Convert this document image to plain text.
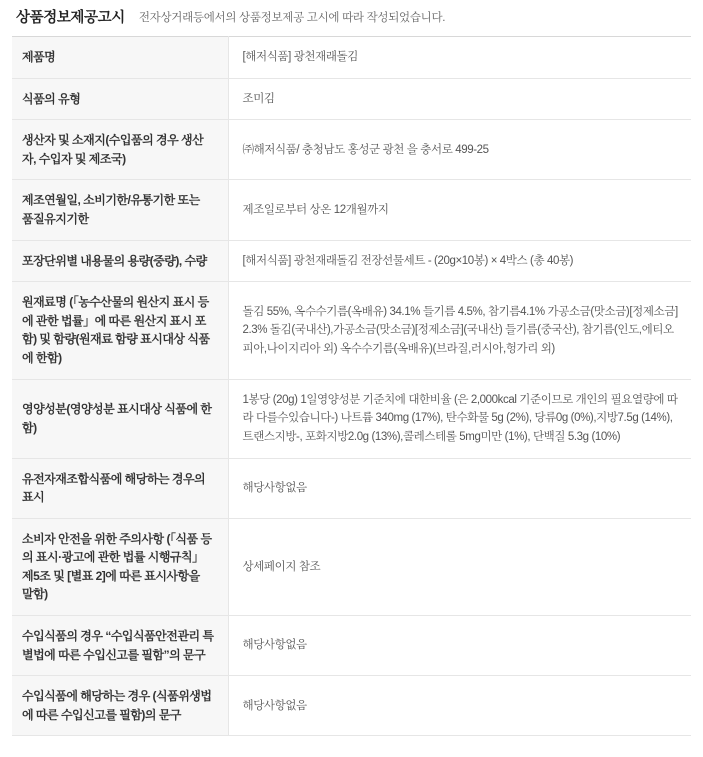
상품정보제공고시 전자상거래등에서의 상품정보제공 고시에 따라 작성되었습니다.
제품명	[해저식품] 광천재래돌김
식품의 유형	조미김
생산자 및 소재지(수입품의 경우 생산자, 수입자 및 제조국)	㈜해저식품/ 충청남도 홍성군 광천 을 충서로 499-25
제조연월일, 소비기한/유통기한 또는 품질유지기한	제조일로부터 상온 12개월까지
포장단위별 내용물의 용량(중량), 수량	[해저식품] 광천재래돌김 전장선물세트 - (20g×10봉) × 4박스 (총 40봉)
원재료명 (「농수산물의 원산지 표시 등에 관한 법률」에 따른 원산지 표시 포함) 및 함량(원재료 함량 표시대상 식품에 한함)	돌김 55%, 옥수수기름(옥배유) 34.1% 들기름 4.5%, 참기름4.1% 가공소금(맛소금)[정제소금] 2.3% 돌김(국내산),가공소금(맛소금)[정제소금](국내산) 들기름(중국산), 참기름(인도,에티오피아,나이지리아 외) 옥수수기름(옥배유)(브라질,러시아,헝가리 외)
영양성분(영양성분 표시대상 식품에 한함)	1봉당 (20g) 1일영양성분 기준치에 대한비율 (은 2,000kcal 기준이므로 개인의 필요열량에 따라 다를수있습니다-) 나트륨 340mg (17%), 탄수화물 5g (2%), 당류0g (0%),지방7.5g (14%),트랜스지방-, 포화지방2.0g (13%),콜레스테롤 5mg미만 (1%), 단백질 5.3g (10%)
유전자재조합식품에 해당하는 경우의 표시	해당사항없음
소비자 안전을 위한 주의사항 (「식품 등의 표시·광고에 관한 법률 시행규칙」 제5조 및 [별표 2]에 따른 표시사항을 말함)	상세페이지 참조
수입식품의 경우 “수입식품안전관리 특별법에 따른 수입신고를 필함”의 문구	해당사항없음
수입식품에 해당하는 경우 (식품위생법에 따른 수입신고를 필함)의 문구	해당사항없음
